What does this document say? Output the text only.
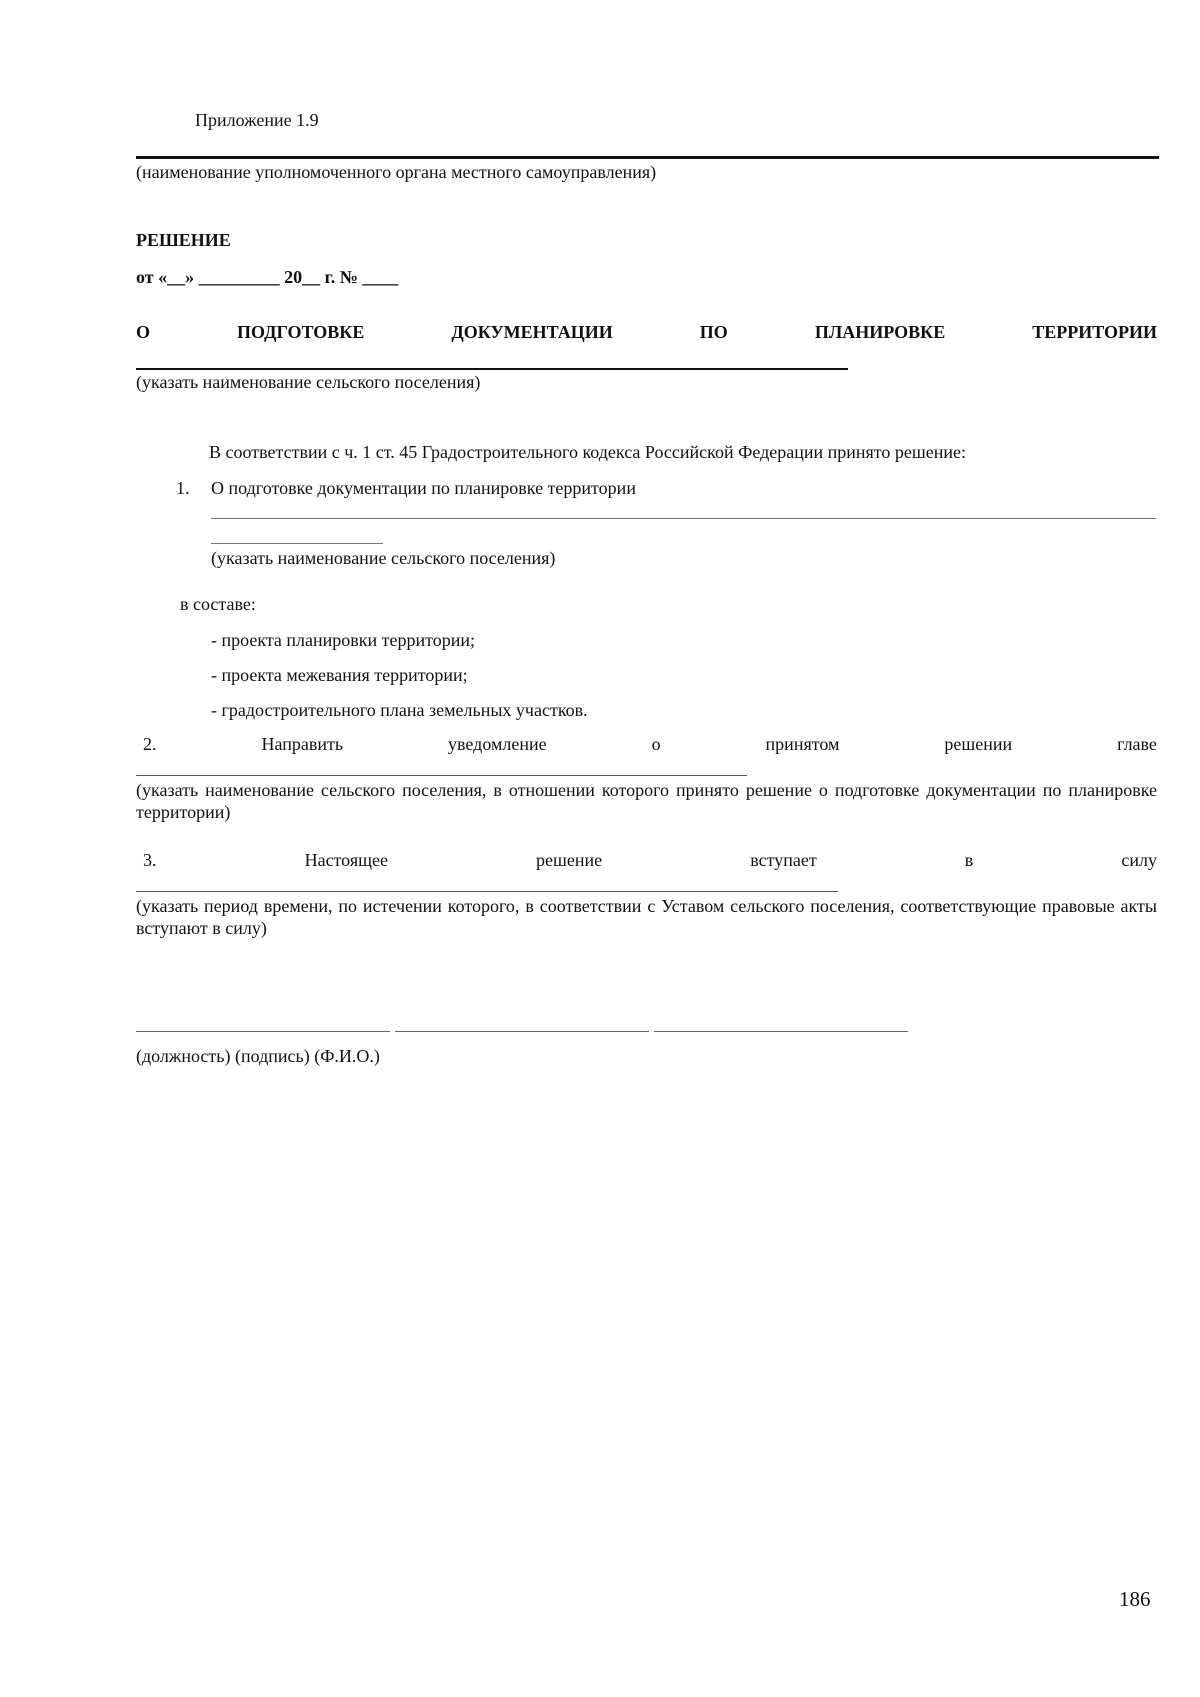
Приложение 1.9
(наименование уполномоченного органа местного самоуправления)
РЕШЕНИЕ
от «__» _________ 20__ г. № ____
О	ПОДГОТОВКЕ	ДОКУМЕНТАЦИИ	ПО	ПЛАНИРОВКЕ	ТЕРРИТОРИИ
(указать наименование сельского поселения)
В соответствии с ч. 1 ст. 45 Градостроительного кодекса Российской Федерации принято решение:
1. О подготовке документации по планировке территории
(указать наименование сельского поселения)
в составе:
- проекта планировки территории;
- проекта межевания территории;
- градостроительного плана земельных участков.
2.	Направить	уведомление	о	принятом	решении	главе
(указать наименование сельского поселения, в отношении которого принято решение о подготовке документации по планировке территории)
3.	Настоящее	решение	вступает	в	силу
(указать период времени, по истечении которого, в соответствии с Уставом сельского поселения, соответствующие правовые акты вступают в силу)
(должность) (подпись) (Ф.И.О.)
186
